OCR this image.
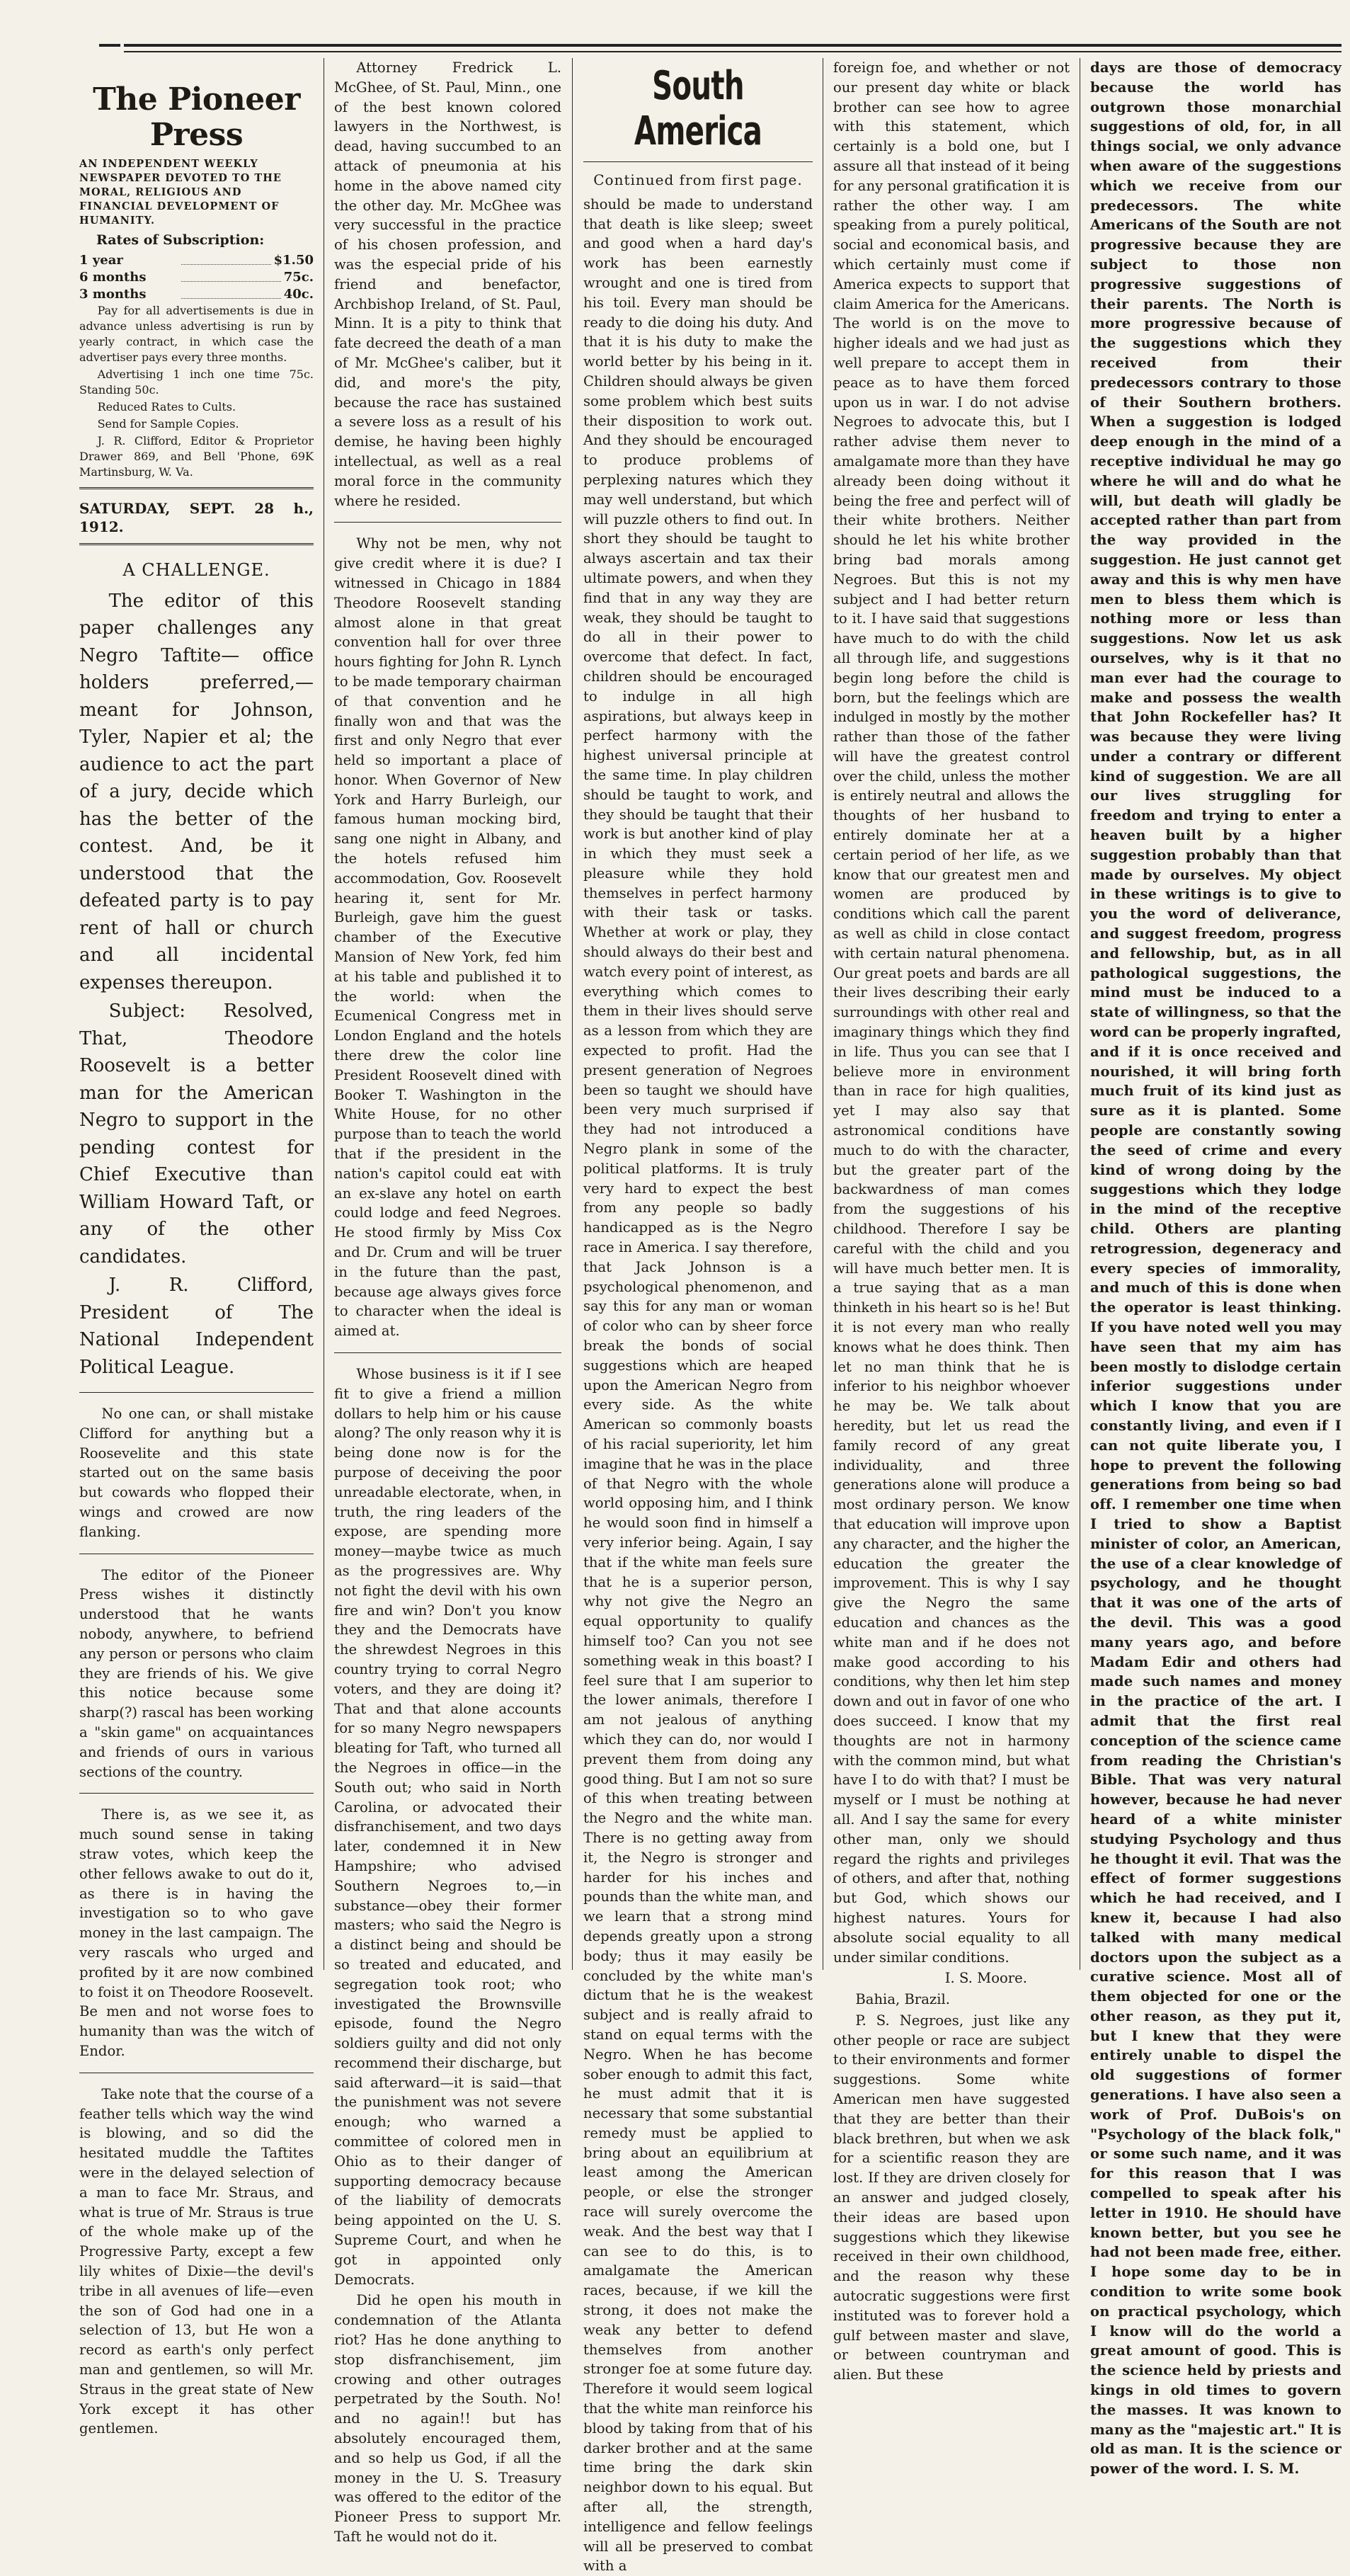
The Pioneer Press

AN INDEPENDENT WEEKLY NEWSPAPER DEVOTED TO THE MORAL, RELIGIOUS AND FINANCIAL DEVELOPMENT OF HUMANITY.

Rates of Subscription:

1 year	$1.50
6 months	75c.
3 months	40c.

Pay for all advertisements is due in advance unless advertising is run by yearly contract, in which case the advertiser pays every three months.

Advertising 1 inch one time 75c. Standing 50c.

Reduced Rates to Cults.

Send for Sample Copies.

J. R. Clifford, Editor & Proprietor Drawer 869, and Bell 'Phone, 69K Martinsburg, W. Va.

SATURDAY, SEPT. 28 h., 1912.

A CHALLENGE.

The editor of this paper challenges any Negro Taftite— office holders preferred,—meant for Johnson, Tyler, Napier et al; the audience to act the part of a jury, decide which has the better of the contest. And, be it understood that the defeated party is to pay rent of hall or church and all incidental expenses thereupon.

Subject: Resolved, That, Theodore Roosevelt is a better man for the American Negro to support in the pending contest for Chief Executive than William Howard Taft, or any of the other candidates.

J. R. Clifford, President of The National Independent Political League.

No one can, or shall mistake Clifford for anything but a Roosevelite and this state started out on the same basis but cowards who flopped their wings and crowed are now flanking.

The editor of the Pioneer Press wishes it distinctly understood that he wants nobody, anywhere, to befriend any person or persons who claim they are friends of his. We give this notice because some sharp(?) rascal has been working a "skin game" on acquaintances and friends of ours in various sections of the country.

There is, as we see it, as much sound sense in taking straw votes, which keep the other fellows awake to out do it, as there is in having the investigation so to who gave money in the last campaign. The very rascals who urged and profited by it are now combined to foist it on Theodore Roosevelt. Be men and not worse foes to humanity than was the witch of Endor.

Take note that the course of a feather tells which way the wind is blowing, and so did the hesitated muddle the Taftites were in the delayed selection of a man to face Mr. Straus, and what is true of Mr. Straus is true of the whole make up of the Progressive Party, except a few lily whites of Dixie—the devil's tribe in all avenues of life—even the son of God had one in a selection of 13, but He won a record as earth's only perfect man and gentlemen, so will Mr. Straus in the great state of New York except it has other gentlemen.

Attorney Fredrick L. McGhee, of St. Paul, Minn., one of the best known colored lawyers in the Northwest, is dead, having succumbed to an attack of pneumonia at his home in the above named city the other day. Mr. McGhee was very successful in the practice of his chosen profession, and was the especial pride of his friend and benefactor, Archbishop Ireland, of St. Paul, Minn. It is a pity to think that fate decreed the death of a man of Mr. McGhee's caliber, but it did, and more's the pity, because the race has sustained a severe loss as a result of his demise, he having been highly intellectual, as well as a real moral force in the community where he resided.

Why not be men, why not give credit where it is due? I witnessed in Chicago in 1884 Theodore Roosevelt standing almost alone in that great convention hall for over three hours fighting for John R. Lynch to be made temporary chairman of that convention and he finally won and that was the first and only Negro that ever held so important a place of honor. When Governor of New York and Harry Burleigh, our famous human mocking bird, sang one night in Albany, and the hotels refused him accommodation, Gov. Roosevelt hearing it, sent for Mr. Burleigh, gave him the guest chamber of the Executive Mansion of New York, fed him at his table and published it to the world: when the Ecumenical Congress met in London England and the hotels there drew the color line President Roosevelt dined with Booker T. Washington in the White House, for no other purpose than to teach the world that if the president in the nation's capitol could eat with an ex-slave any hotel on earth could lodge and feed Negroes. He stood firmly by Miss Cox and Dr. Crum and will be truer in the future than the past, because age always gives force to character when the ideal is aimed at.

Whose business is it if I see fit to give a friend a million dollars to help him or his cause along? The only reason why it is being done now is for the purpose of deceiving the poor unreadable electorate, when, in truth, the ring leaders of the expose, are spending more money—maybe twice as much as the progressives are. Why not fight the devil with his own fire and win? Don't you know they and the Democrats have the shrewdest Negroes in this country trying to corral Negro voters, and they are doing it? That and that alone accounts for so many Negro newspapers bleating for Taft, who turned all the Negroes in office—in the South out; who said in North Carolina, or advocated their disfranchisement, and two days later, condemned it in New Hampshire; who advised Southern Negroes to,—in substance—obey their former masters; who said the Negro is a distinct being and should be so treated and educated, and segregation took root; who investigated the Brownsville episode, found the Negro soldiers guilty and did not only recommend their discharge, but said afterward—it is said—that the punishment was not severe enough; who warned a committee of colored men in Ohio as to their danger of supporting democracy because of the liability of democrats being appointed on the U. S. Supreme Court, and when he got in appointed only Democrats.

Did he open his mouth in condemnation of the Atlanta riot? Has he done anything to stop disfranchisement, jim crowing and other outrages perpetrated by the South. No! and no again!! but has absolutely encouraged them, and so help us God, if all the money in the U. S. Treasury was offered to the editor of the Pioneer Press to support Mr. Taft he would not do it.

South America
Continued from first page.

should be made to understand that death is like sleep; sweet and good when a hard day's work has been earnestly wrought and one is tired from his toil. Every man should be ready to die doing his duty. And that it is his duty to make the world better by his being in it. Children should always be given some problem which best suits their disposition to work out. And they should be encouraged to produce problems of perplexing natures which they may well understand, but which will puzzle others to find out. In short they should be taught to always ascertain and tax their ultimate powers, and when they find that in any way they are weak, they should be taught to do all in their power to overcome that defect. In fact, children should be encouraged to indulge in all high aspirations, but always keep in perfect harmony with the highest universal principle at the same time. In play children should be taught to work, and they should be taught that their work is but another kind of play in which they must seek a pleasure while they hold themselves in perfect harmony with their task or tasks. Whether at work or play, they should always do their best and watch every point of interest, as everything which comes to them in their lives should serve as a lesson from which they are expected to profit. Had the present generation of Negroes been so taught we should have been very much surprised if they had not introduced a Negro plank in some of the political platforms. It is truly very hard to expect the best from any people so badly handicapped as is the Negro race in America. I say therefore, that Jack Johnson is a psychological phenomenon, and say this for any man or woman of color who can by sheer force break the bonds of social suggestions which are heaped upon the American Negro from every side. As the white American so commonly boasts of his racial superiority, let him imagine that he was in the place of that Negro with the whole world opposing him, and I think he would soon find in himself a very inferior being. Again, I say that if the white man feels sure that he is a superior person, why not give the Negro an equal opportunity to qualify himself too? Can you not see something weak in this boast? I feel sure that I am superior to the lower animals, therefore I am not jealous of anything which they can do, nor would I prevent them from doing any good thing. But I am not so sure of this when treating between the Negro and the white man. There is no getting away from it, the Negro is stronger and harder for his inches and pounds than the white man, and we learn that a strong mind depends greatly upon a strong body; thus it may easily be concluded by the white man's dictum that he is the weakest subject and is really afraid to stand on equal terms with the Negro. When he has become sober enough to admit this fact, he must admit that it is necessary that some substantial remedy must be applied to bring about an equilibrium at least among the American people, or else the stronger race will surely overcome the weak. And the best way that I can see to do this, is to amalgamate the American races, because, if we kill the strong, it does not make the weak any better to defend themselves from another stronger foe at some future day. Therefore it would seem logical that the white man reinforce his blood by taking from that of his darker brother and at the same time bring the dark skin neighbor down to his equal. But after all, the strength, intelligence and fellow feelings will all be preserved to combat with a

foreign foe, and whether or not our present day white or black brother can see how to agree with this statement, which certainly is a bold one, but I assure all that instead of it being for any personal gratification it is rather the other way. I am speaking from a purely political, social and economical basis, and which certainly must come if America expects to support that claim America for the Americans. The world is on the move to higher ideals and we had just as well prepare to accept them in peace as to have them forced upon us in war. I do not advise Negroes to advocate this, but I rather advise them never to amalgamate more than they have already been doing without it being the free and perfect will of their white brothers. Neither should he let his white brother bring bad morals among Negroes. But this is not my subject and I had better return to it. I have said that suggestions have much to do with the child all through life, and suggestions begin long before the child is born, but the feelings which are indulged in mostly by the mother rather than those of the father will have the greatest control over the child, unless the mother is entirely neutral and allows the thoughts of her husband to entirely dominate her at a certain period of her life, as we know that our greatest men and women are produced by conditions which call the parent as well as child in close contact with certain natural phenomena. Our great poets and bards are all their lives describing their early surroundings with other real and imaginary things which they find in life. Thus you can see that I believe more in environment than in race for high qualities, yet I may also say that astronomical conditions have much to do with the character, but the greater part of the backwardness of man comes from the suggestions of his childhood. Therefore I say be careful with the child and you will have much better men. It is a true saying that as a man thinketh in his heart so is he! But it is not every man who really knows what he does think. Then let no man think that he is inferior to his neighbor whoever he may be. We talk about heredity, but let us read the family record of any great individuality, and three generations alone will produce a most ordinary person. We know that education will improve upon any character, and the higher the education the greater the improvement. This is why I say give the Negro the same education and chances as the white man and if he does not make good according to his conditions, why then let him step down and out in favor of one who does succeed. I know that my thoughts are not in harmony with the common mind, but what have I to do with that? I must be myself or I must be nothing at all. And I say the same for every other man, only we should regard the rights and privileges of others, and after that, nothing but God, which shows our highest natures. Yours for absolute social equality to all under similar conditions.

I. S. Moore.

Bahia, Brazil.

P. S. Negroes, just like any other people or race are subject to their environments and former suggestions. Some white American men have suggested that they are better than their black brethren, but when we ask for a scientific reason they are lost. If they are driven closely for an answer and judged closely, their ideas are based upon suggestions which they likewise received in their own childhood, and the reason why these autocratic suggestions were first instituted was to forever hold a gulf between master and slave, or between countryman and alien. But these

days are those of democracy because the world has outgrown those monarchial suggestions of old, for, in all things social, we only advance when aware of the suggestions which we receive from our predecessors. The white Americans of the South are not progressive because they are subject to those non progressive suggestions of their parents. The North is more progressive because of the suggestions which they received from their predecessors contrary to those of their Southern brothers. When a suggestion is lodged deep enough in the mind of a receptive individual he may go where he will and do what he will, but death will gladly be accepted rather than part from the way provided in the suggestion. He just cannot get away and this is why men have men to bless them which is nothing more or less than suggestions. Now let us ask ourselves, why is it that no man ever had the courage to make and possess the wealth that John Rockefeller has? It was because they were living under a contrary or different kind of suggestion. We are all our lives struggling for freedom and trying to enter a heaven built by a higher suggestion probably than that made by ourselves. My object in these writings is to give to you the word of deliverance, and suggest freedom, progress and fellowship, but, as in all pathological suggestions, the mind must be induced to a state of willingness, so that the word can be properly ingrafted, and if it is once received and nourished, it will bring forth much fruit of its kind just as sure as it is planted. Some people are constantly sowing the seed of crime and every kind of wrong doing by the suggestions which they lodge in the mind of the receptive child. Others are planting retrogression, degeneracy and every species of immorality, and much of this is done when the operator is least thinking. If you have noted well you may have seen that my aim has been mostly to dislodge certain inferior suggestions under which I know that you are constantly living, and even if I can not quite liberate you, I hope to prevent the following generations from being so bad off. I remember one time when I tried to show a Baptist minister of color, an American, the use of a clear knowledge of psychology, and he thought that it was one of the arts of the devil. This was a good many years ago, and before Madam Edir and others had made such names and money in the practice of the art. I admit that the first real conception of the science came from reading the Christian's Bible. That was very natural however, because he had never heard of a white minister studying Psychology and thus he thought it evil. That was the effect of former suggestions which he had received, and I knew it, because I had also talked with many medical doctors upon the subject as a curative science. Most all of them objected for one or the other reason, as they put it, but I knew that they were entirely unable to dispel the old suggestions of former generations. I have also seen a work of Prof. DuBois's on "Psychology of the black folk," or some such name, and it was for this reason that I was compelled to speak after his letter in 1910. He should have known better, but you see he had not been made free, either. I hope some day to be in condition to write some book on practical psychology, which I know will do the world a great amount of good. This is the science held by priests and kings in old times to govern the masses. It was known to many as the "majestic art." It is old as man. It is the science or power of the word. I. S. M.
